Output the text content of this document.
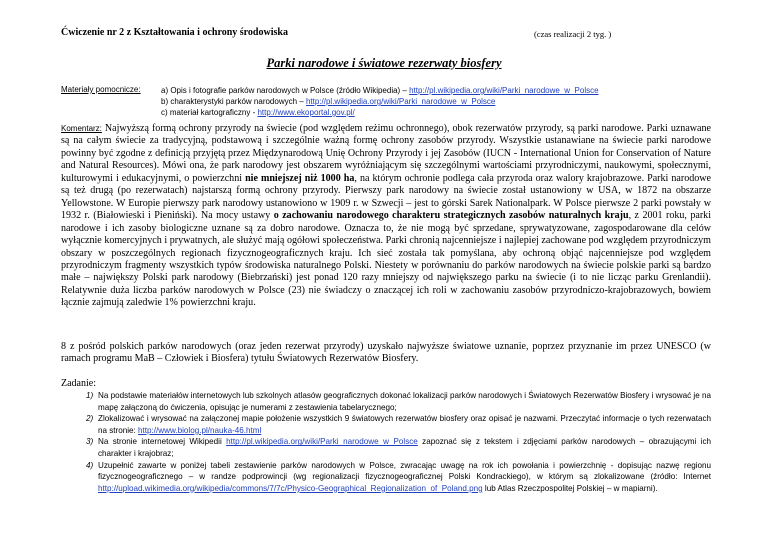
Ćwiczenie nr 2 z Kształtowania i ochrony środowiska	(czas realizacji 2 tyg. )
Parki narodowe i światowe rezerwaty biosfery
Materiały pomocnicze:	a) Opis i fotografie parków narodowych w Polsce (źródło Wikipedia) – http://pl.wikipedia.org/wiki/Parki_narodowe_w_Polsce
b) charakterystyki parków narodowych – http://pl.wikipedia.org/wiki/Parki_narodowe_w_Polsce
c) materiał kartograficzny - http://www.ekoportal.gov.pl/
Komentarz: Najwyższą formą ochrony przyrody na świecie (pod względem reżimu ochronnego), obok rezerwatów przyrody, są parki narodowe. Parki uznawane są na całym świecie za tradycyjną, podstawową i szczególnie ważną formę ochrony zasobów przyrody. Wszystkie ustanawiane na świecie parki narodowe powinny być zgodne z definicją przyjętą przez Międzynarodową Unię Ochrony Przyrody i jej Zasobów (IUCN - International Union for Conservation of Nature and Natural Resources). Mówi ona, że park narodowy jest obszarem wyróżniającym się szczególnymi wartościami przyrodniczymi, naukowymi, społecznymi, kulturowymi i edukacyjnymi, o powierzchni nie mniejszej niż 1000 ha, na którym ochronie podlega cała przyroda oraz walory krajobrazowe. Parki narodowe są też drugą (po rezerwatach) najstarszą formą ochrony przyrody. Pierwszy park narodowy na świecie został ustanowiony w USA, w 1872 na obszarze Yellowstone. W Europie pierwszy park narodowy ustanowiono w 1909 r. w Szwecji – jest to górski Sarek Nationalpark. W Polsce pierwsze 2 parki powstały w 1932 r. (Białowieski i Pieniński). Na mocy ustawy o zachowaniu narodowego charakteru strategicznych zasobów naturalnych kraju, z 2001 roku, parki narodowe i ich zasoby biologiczne uznane są za dobro narodowe. Oznacza to, że nie mogą być sprzedane, sprywatyzowane, zagospodarowane dla celów wyłącznie komercyjnych i prywatnych, ale służyć mają ogółowi społeczeństwa. Parki chronią najcenniejsze i najlepiej zachowane pod względem przyrodniczym obszary w poszczególnych regionach fizycznogeograficznych kraju. Ich sieć została tak pomyślana, aby ochroną objąć najcenniejsze pod względem przyrodniczym fragmenty wszystkich typów środowiska naturalnego Polski. Niestety w porównaniu do parków narodowych na świecie polskie parki są bardzo małe – największy Polski park narodowy (Biebrzański) jest ponad 120 razy mniejszy od największego parku na świecie (i to nie licząc parku Grenlandii). Relatywnie duża liczba parków narodowych w Polsce (23) nie świadczy o znaczącej ich roli w zachowaniu zasobów przyrodniczo-krajobrazowych, bowiem łącznie zajmują zaledwie 1% powierzchni kraju.
8 z pośród polskich parków narodowych (oraz jeden rezerwat przyrody) uzyskało najwyższe światowe uznanie, poprzez przyznanie im przez UNESCO (w ramach programu MaB – Człowiek i Biosfera) tytułu Światowych Rezerwatów Biosfery.
Zadanie:
1) Na podstawie materiałów internetowych lub szkolnych atlasów geograficznych dokonać lokalizacji parków narodowych i Światowych Rezerwatów Biosfery i wrysować je na mapę załączoną do ćwiczenia, opisując je numerami z zestawienia tabelarycznego;
2) Zlokalizować i wrysować na załączonej mapie położenie wszystkich 9 światowych rezerwatów biosfery oraz opisać je nazwami. Przeczytać informacje o tych rezerwatach na stronie: http://www.biolog.pl/nauka-46.html
3) Na stronie internetowej Wikipedii http://pl.wikipedia.org/wiki/Parki_narodowe_w_Polsce zapoznać się z tekstem i zdjęciami parków narodowych – obrazującymi ich charakter i krajobraz;
4) Uzupełnić zawarte w poniżej tabeli zestawienie parków narodowych w Polsce, zwracając uwagę na rok ich powołania i powierzchnię - dopisując nazwę regionu fizycznogeograficznego – w randze podprowincji (wg regionalizacji fizycznogeograficznej Polski Kondrackiego), w którym są zlokalizowane (źródło: Internet http://upload.wikimedia.org/wikipedia/commons/7/7c/Physico-Geographical_Regionalization_of_Poland.png lub Atlas Rzeczpospolitej Polskiej – w mapiarni).
